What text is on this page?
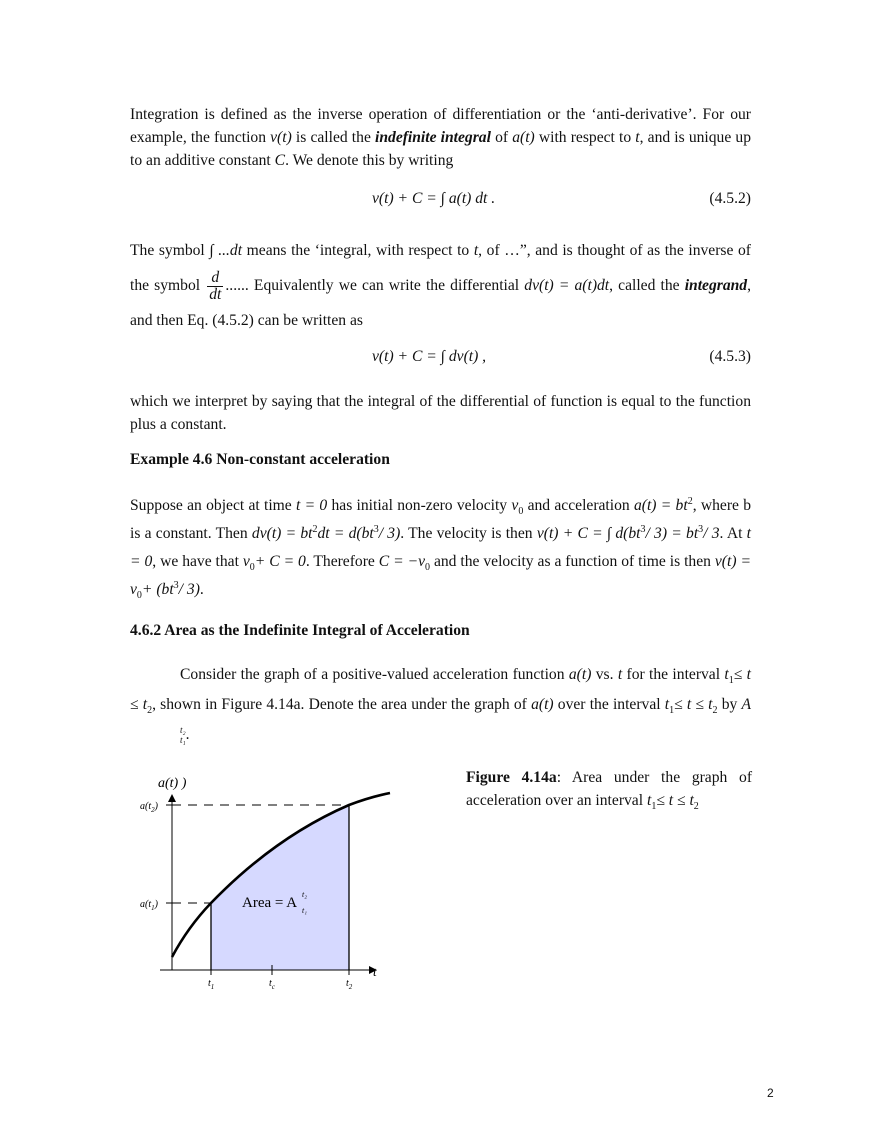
Integration is defined as the inverse operation of differentiation or the ‘anti-derivative’. For our example, the function v(t) is called the indefinite integral of a(t) with respect to t, and is unique up to an additive constant C. We denote this by writing

v(t) + C = ∫ a(t) dt .	(4.5.2)

The symbol ∫ ...dt means the ‘integral, with respect to t, of …”, and is thought of as the inverse of the symbol $\frac{d}{dt}$ ...... Equivalently we can write the differential dv(t) = a(t)dt, called the integrand, and then Eq. (4.5.2) can be written as

v(t) + C = ∫ dv(t) ,	(4.5.3)

which we interpret by saying that the integral of the differential of function is equal to the function plus a constant.

Example 4.6 Non-constant acceleration

Suppose an object at time t = 0 has initial non-zero velocity $v_0$ and acceleration $a(t) = bt^2$, where b is a constant. Then $dv(t) = bt^2dt = d(bt^3/$ 3). The velocity is then v(t) + C = ∫ $d(bt^3/$ $3) = bt^3/$ 3. At t = 0, we have that $v_0+ C = 0$. Therefore $C = -v_0$ and the velocity as a function of time is then $v(t) = v_0+ (bt^3/$ 3).

4.6.2 Area as the Indefinite Integral of Acceleration

Consider the graph of a positive-valued acceleration function a(t) vs. t for the interval $t_1\le t \le t_2$, shown in Figure 4.14a. Denote the area under the graph of a(t) over the interval $t_1\le t \le t_2$ by A
t₂
t₁ .

a(t) )
t
$a(t_2)$
$a(t_1)$
$t_1$	$t_c$	$t_2$
Area = A
t₂
t₁

Figure 4.14a: Area under the graph of acceleration over an interval $t_1\le t \le t_2$

2
